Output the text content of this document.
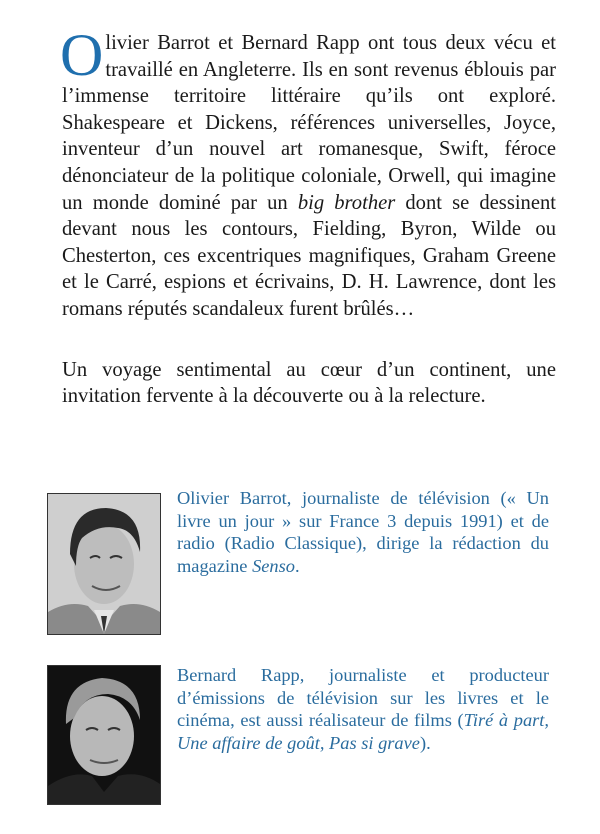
Olivier Barrot et Bernard Rapp ont tous deux vécu et travaillé en Angleterre. Ils en sont revenus éblouis par l’immense territoire littéraire qu’ils ont exploré. Shakespeare et Dickens, références universelles, Joyce, inventeur d’un nouvel art romanesque, Swift, féroce dénonciateur de la politique coloniale, Orwell, qui imagine un monde dominé par un big brother dont se dessinent devant nous les contours, Fielding, Byron, Wilde ou Chesterton, ces excentriques magnifiques, Graham Greene et le Carré, espions et écrivains, D. H. Lawrence, dont les romans réputés scandaleux furent brûlés…

Un voyage sentimental au cœur d’un continent, une invitation fervente à la découverte ou à la relecture.

Olivier Barrot, journaliste de télévision (« Un livre un jour » sur France 3 depuis 1991) et de radio (Radio Classique), dirige la rédaction du magazine Senso.
Bernard Rapp, journaliste et producteur d’émissions de télévision sur les livres et le cinéma, est aussi réalisateur de films (Tiré à part, Une affaire de goût, Pas si grave).
